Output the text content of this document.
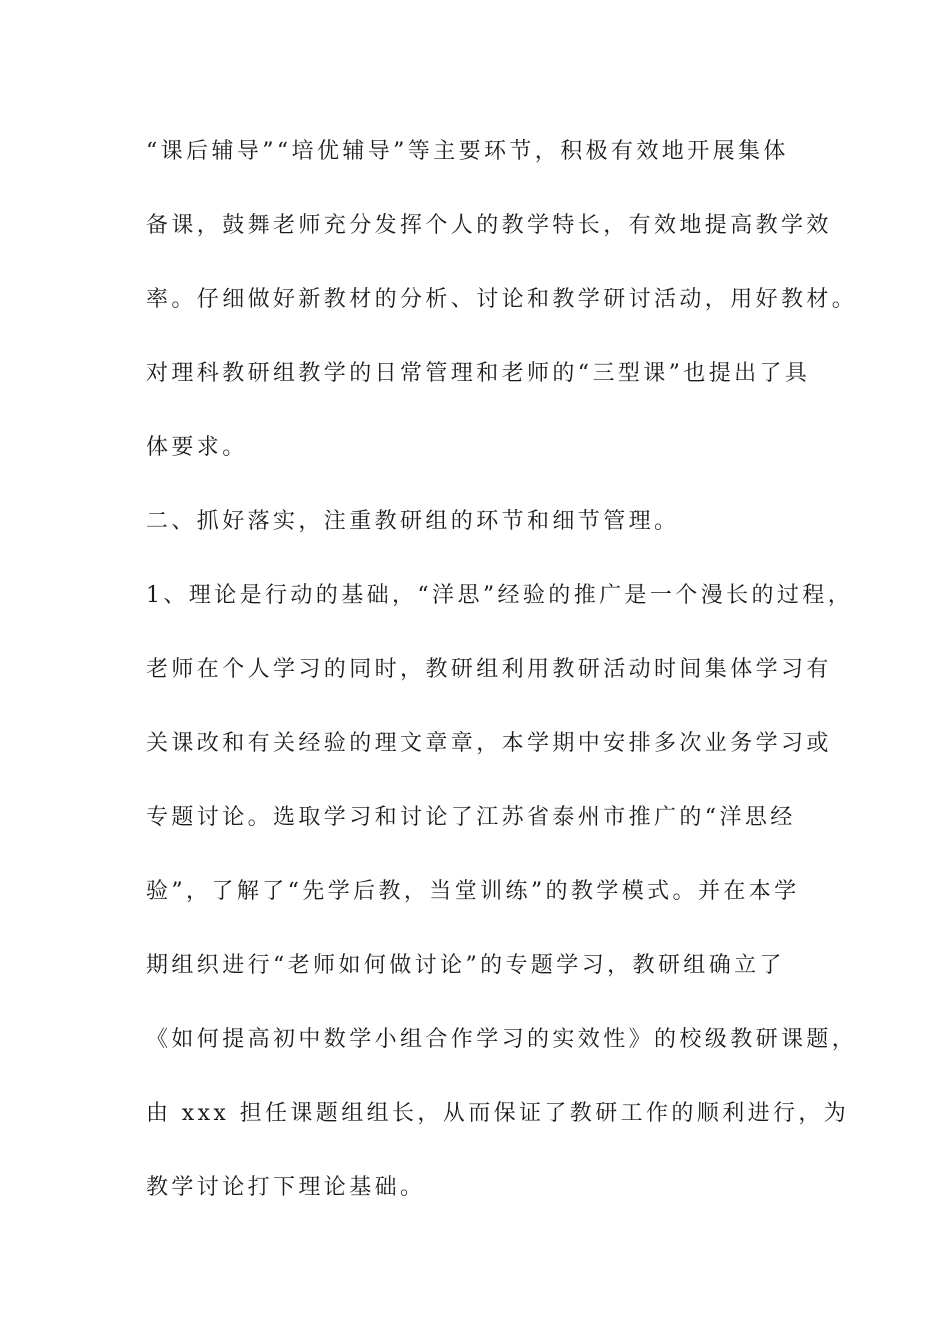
“课后辅导”“培优辅导”等主要环节，积极有效地开展集体
备课，鼓舞老师充分发挥个人的教学特长，有效地提高教学效
率。仔细做好新教材的分析、讨论和教学研讨活动，用好教材。
对理科教研组教学的日常管理和老师的“三型课”也提出了具
体要求。
二、抓好落实，注重教研组的环节和细节管理。
1、理论是行动的基础，“洋思”经验的推广是一个漫长的过程，
老师在个人学习的同时，教研组利用教研活动时间集体学习有
关课改和有关经验的理文章章，本学期中安排多次业务学习或
专题讨论。选取学习和讨论了江苏省泰州市推广的“洋思经
验”，了解了“先学后教，当堂训练”的教学模式。并在本学
期组织进行“老师如何做讨论”的专题学习，教研组确立了
《如何提高初中数学小组合作学习的实效性》的校级教研课题，
由 xxx 担任课题组组长，从而保证了教研工作的顺利进行，为
教学讨论打下理论基础。
